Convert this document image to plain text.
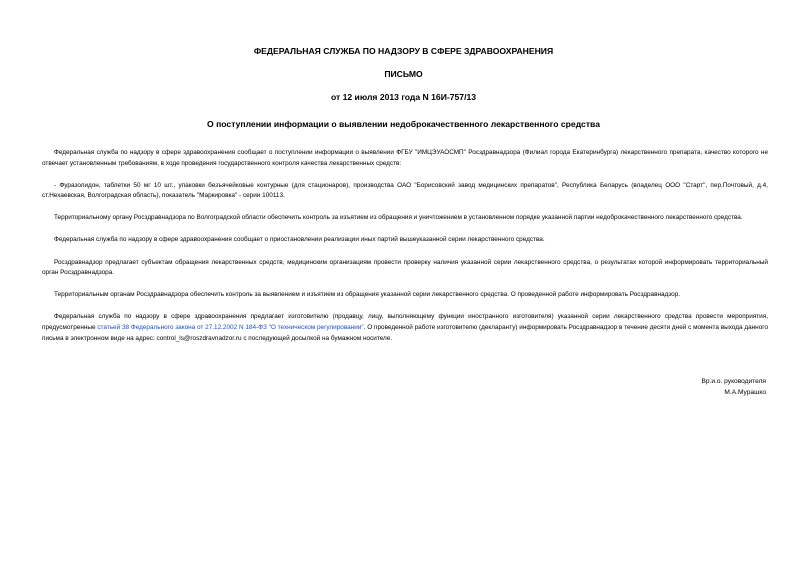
ФЕДЕРАЛЬНАЯ СЛУЖБА ПО НАДЗОРУ В СФЕРЕ ЗДРАВООХРАНЕНИЯ
ПИСЬМО
от 12 июля 2013 года N 16И-757/13
О поступлении информации о выявлении недоброкачественного лекарственного средства

Федеральная служба по надзору в сфере здравоохранения сообщает о поступлении информации о выявлении ФГБУ "ИМЦЭУАОСМП" Росздравнадзора (Филиал города Екатеринбурга) лекарственного препарата, качество которого не отвечает установленным требованиям, в ходе проведения государственного контроля качества лекарственных средств:

- Фуразолидон, таблетки 50 мг 10 шт., упаковки безъячейковые контурные (для стационаров), производства ОАО "Борисовский завод медицинских препаратов", Республика Беларусь (владелец ООО "Старт", пер.Почтовый, д.4, ст.Нехаевская, Волгоградская область), показатель "Маркировка" - серии 100113.

Территориальному органу Росздравнадзора по Волгоградской области обеспечить контроль за изъятием из обращения и уничтожением в установленном порядке указанной партии недоброкачественного лекарственного средства.

Федеральная служба по надзору в сфере здравоохранения сообщает о приостановлении реализации иных партий вышеуказанной серии лекарственного средства.

Росздравнадзор предлагает субъектам обращения лекарственных средств, медицинским организациям провести проверку наличия указанной серии лекарственного средства, о результатах которой информировать территориальный орган Росздравнадзора.

Территориальным органам Росздравнадзора обеспечить контроль за выявлением и изъятием из обращения указанной серии лекарственного средства. О проведенной работе информировать Росздравнадзор.

Федеральная служба по надзору в сфере здравоохранения предлагает изготовителю (продавцу, лицу, выполняющему функции иностранного изготовителя) указанной серии лекарственного средства провести мероприятия, предусмотренные статьей 38 Федерального закона от 27.12.2002 N 184-ФЗ "О техническом регулировании". О проведенной работе изготовителю (декларанту) информировать Росздравнадзор в течение десяти дней с момента выхода данного письма в электронном виде на адрес: control_ls@roszdravnadzor.ru с последующей досылкой на бумажном носителе.

Вр.и.о. руководителя
М.А.Мурашко
